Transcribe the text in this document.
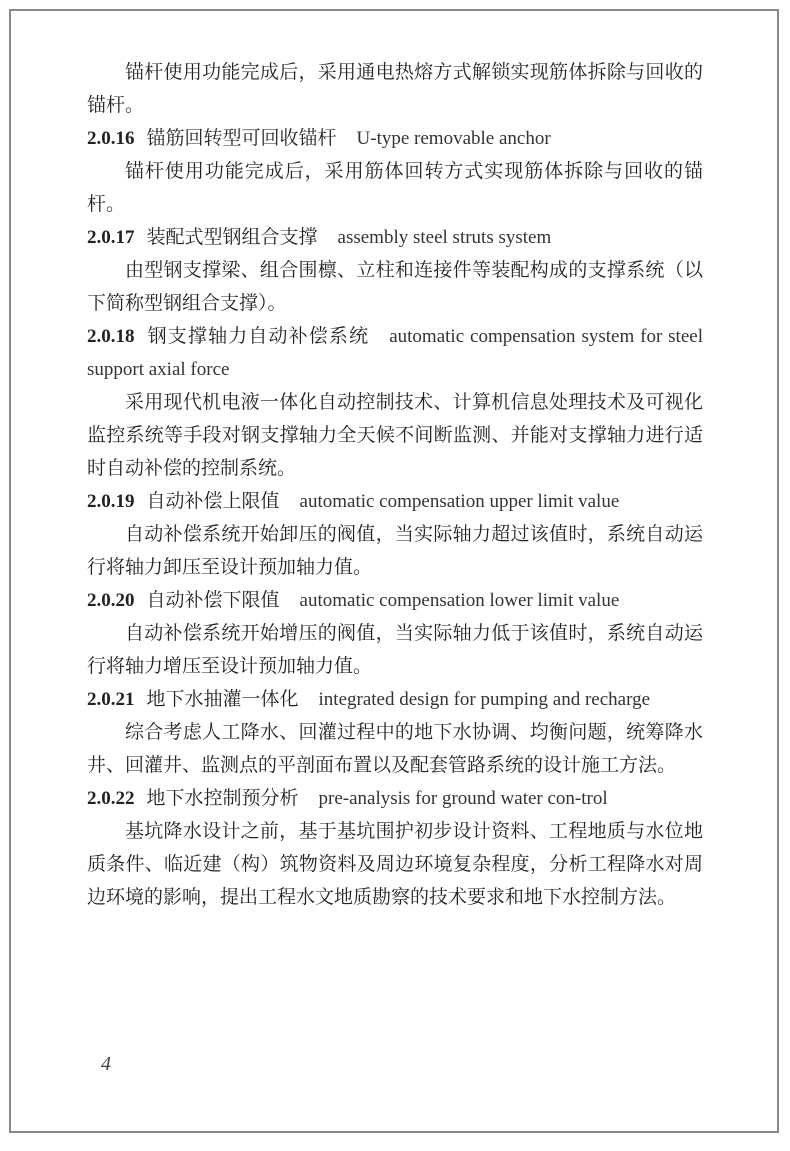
锚杆使用功能完成后，采用通电热熔方式解锁实现筋体拆除与回收的锚杆。

2.0.16 锚筋回转型可回收锚杆 U-type removable anchor

锚杆使用功能完成后，采用筋体回转方式实现筋体拆除与回收的锚杆。

2.0.17 装配式型钢组合支撑 assembly steel struts system

由型钢支撑梁、组合围檩、立柱和连接件等装配构成的支撑系统（以下简称型钢组合支撑）。

2.0.18 钢支撑轴力自动补偿系统 automatic compensation system for steel support axial force

采用现代机电液一体化自动控制技术、计算机信息处理技术及可视化监控系统等手段对钢支撑轴力全天候不间断监测、并能对支撑轴力进行适时自动补偿的控制系统。

2.0.19 自动补偿上限值 automatic compensation upper limit value

自动补偿系统开始卸压的阀值，当实际轴力超过该值时，系统自动运行将轴力卸压至设计预加轴力值。

2.0.20 自动补偿下限值 automatic compensation lower limit value

自动补偿系统开始增压的阀值，当实际轴力低于该值时，系统自动运行将轴力增压至设计预加轴力值。

2.0.21 地下水抽灌一体化 integrated design for pumping and recharge

综合考虑人工降水、回灌过程中的地下水协调、均衡问题，统筹降水井、回灌井、监测点的平剖面布置以及配套管路系统的设计施工方法。

2.0.22 地下水控制预分析 pre-analysis for ground water con-trol

基坑降水设计之前，基于基坑围护初步设计资料、工程地质与水位地质条件、临近建（构）筑物资料及周边环境复杂程度，分析工程降水对周边环境的影响，提出工程水文地质勘察的技术要求和地下水控制方法。

4
